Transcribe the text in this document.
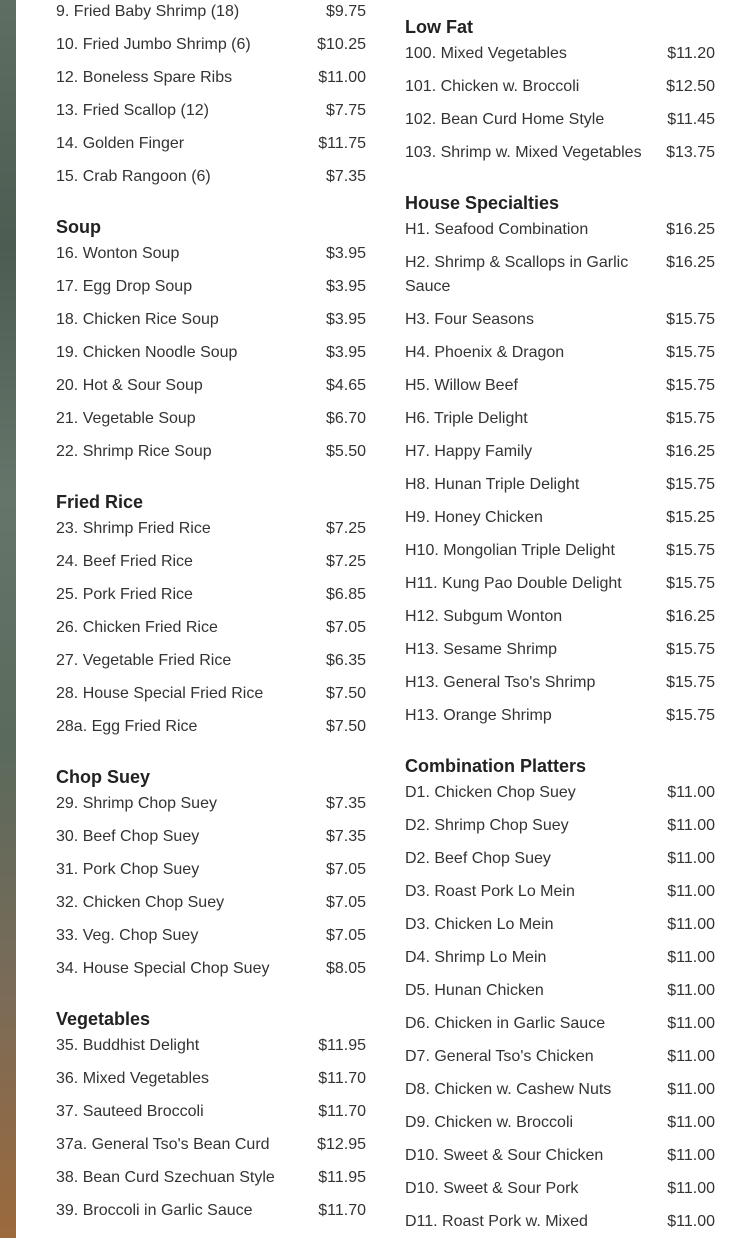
9. Fried Baby Shrimp (18)	$9.75
10. Fried Jumbo Shrimp (6)	$10.25
12. Boneless Spare Ribs	$11.00
13. Fried Scallop (12)	$7.75
14. Golden Finger	$11.75
15. Crab Rangoon (6)	$7.35
Soup
16. Wonton Soup	$3.95
17. Egg Drop Soup	$3.95
18. Chicken Rice Soup	$3.95
19. Chicken Noodle Soup	$3.95
20. Hot & Sour Soup	$4.65
21. Vegetable Soup	$6.70
22. Shrimp Rice Soup	$5.50
Fried Rice
23. Shrimp Fried Rice	$7.25
24. Beef Fried Rice	$7.25
25. Pork Fried Rice	$6.85
26. Chicken Fried Rice	$7.05
27. Vegetable Fried Rice	$6.35
28. House Special Fried Rice	$7.50
28a. Egg Fried Rice	$7.50
Chop Suey
29. Shrimp Chop Suey	$7.35
30. Beef Chop Suey	$7.35
31. Pork Chop Suey	$7.05
32. Chicken Chop Suey	$7.05
33. Veg. Chop Suey	$7.05
34. House Special Chop Suey	$8.05
Vegetables
35. Buddhist Delight	$11.95
36. Mixed Vegetables	$11.70
37. Sauteed Broccoli	$11.70
37a. General Tso's Bean Curd	$12.95
38. Bean Curd Szechuan Style	$11.95
39. Broccoli in Garlic Sauce	$11.70
Low Fat
100. Mixed Vegetables	$11.20
101. Chicken w. Broccoli	$12.50
102. Bean Curd Home Style	$11.45
103. Shrimp w. Mixed Vegetables	$13.75
House Specialties
H1. Seafood Combination	$16.25
H2. Shrimp & Scallops in Garlic Sauce
$16.25
H3. Four Seasons	$15.75
H4. Phoenix & Dragon	$15.75
H5. Willow Beef	$15.75
H6. Triple Delight	$15.75
H7. Happy Family	$16.25
H8. Hunan Triple Delight	$15.75
H9. Honey Chicken	$15.25
H10. Mongolian Triple Delight	$15.75
H11. Kung Pao Double Delight	$15.75
H12. Subgum Wonton	$16.25
H13. Sesame Shrimp	$15.75
H13. General Tso's Shrimp	$15.75
H13. Orange Shrimp	$15.75
Combination Platters
D1. Chicken Chop Suey	$11.00
D2. Shrimp Chop Suey	$11.00
D2. Beef Chop Suey	$11.00
D3. Roast Pork Lo Mein	$11.00
D3. Chicken Lo Mein	$11.00
D4. Shrimp Lo Mein	$11.00
D5. Hunan Chicken	$11.00
D6. Chicken in Garlic Sauce	$11.00
D7. General Tso's Chicken	$11.00
D8. Chicken w. Cashew Nuts	$11.00
D9. Chicken w. Broccoli	$11.00
D10. Sweet & Sour Chicken	$11.00
D10. Sweet & Sour Pork	$11.00
D11. Roast Pork w. Mixed	$11.00
